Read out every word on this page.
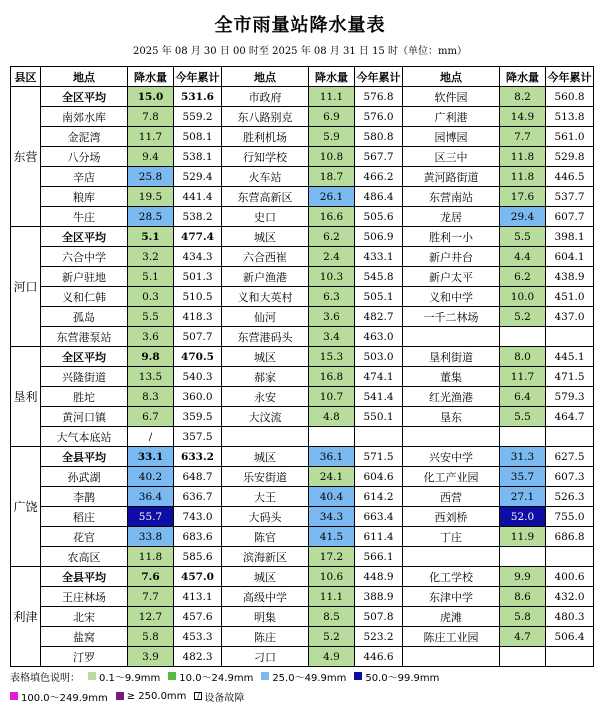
全市雨量站降水量表
2025 年 08 月 30 日 00 时至 2025 年 08 月 31 日 15 时（单位：mm）
县区	地点	降水量	今年累计	地点	降水量	今年累计	地点	降水量	今年累计
东营	全区平均	15.0	531.6	市政府	11.1	576.8	软件园	8.2	560.8
	南郊水库	7.8	559.2	东八路别克	6.9	576.0	广利港	14.9	513.8
	金泥湾	11.7	508.1	胜利机场	5.9	580.8	园博园	7.7	561.0
	八分场	9.4	538.1	行知学校	10.8	567.7	区三中	11.8	529.8
	辛店	25.8	529.4	火车站	18.7	466.2	黄河路街道	11.8	446.5
	粮库	19.5	441.4	东营高新区	26.1	486.4	东营南站	17.6	537.7
	牛庄	28.5	538.2	史口	16.6	505.6	龙居	29.4	607.7
河口	全区平均	5.1	477.4	城区	6.2	506.9	胜利一小	5.5	398.1
	六合中学	3.2	434.3	六合西崔	2.4	433.1	新户井台	4.4	604.1
	新户驻地	5.1	501.3	新户渔港	10.3	545.8	新户太平	6.2	438.9
	义和仁韩	0.3	510.5	义和大英村	6.3	505.1	义和中学	10.0	451.0
	孤岛	5.5	418.3	仙河	3.6	482.7	一千二林场	5.2	437.0
	东营港泵站	3.6	507.7	东营港码头	3.4	463.0			
垦利	全区平均	9.8	470.5	城区	15.3	503.0	垦利街道	8.0	445.1
	兴隆街道	13.5	540.3	郝家	16.8	474.1	董集	11.7	471.5
	胜坨	8.3	360.0	永安	10.7	541.4	红光渔港	6.4	579.3
	黄河口镇	6.7	359.5	大汶流	4.8	550.1	垦东	5.5	464.7
	大气本底站	/	357.5						
广饶	全县平均	33.1	633.2	城区	36.1	571.5	兴安中学	31.3	627.5
	孙武湖	40.2	648.7	乐安街道	24.1	604.6	化工产业园	35.7	607.3
	李鹊	36.4	636.7	大王	40.4	614.2	西营	27.1	526.3
	稻庄	55.7	743.0	大码头	34.3	663.4	西刘桥	52.0	755.0
	花官	33.8	683.6	陈官	41.5	611.4	丁庄	11.9	686.8
	农高区	11.8	585.6	滨海新区	17.2	566.1			
利津	全县平均	7.6	457.0	城区	10.6	448.9	化工学校	9.9	400.6
	王庄林场	7.7	413.1	高级中学	11.1	388.9	东津中学	8.6	432.0
	北宋	12.7	457.6	明集	8.5	507.8	虎滩	5.8	480.3
	盐窝	5.8	453.3	陈庄	5.2	523.2	陈庄工业园	4.7	506.4
	汀罗	3.9	482.3	刁口	4.9	446.6			
表格填色说明： 0.1～9.9mm 10.0～24.9mm 25.0～49.9mm 50.0～99.9mm
100.0～249.9mm ≥ 250.0mm	/ 设备故障
